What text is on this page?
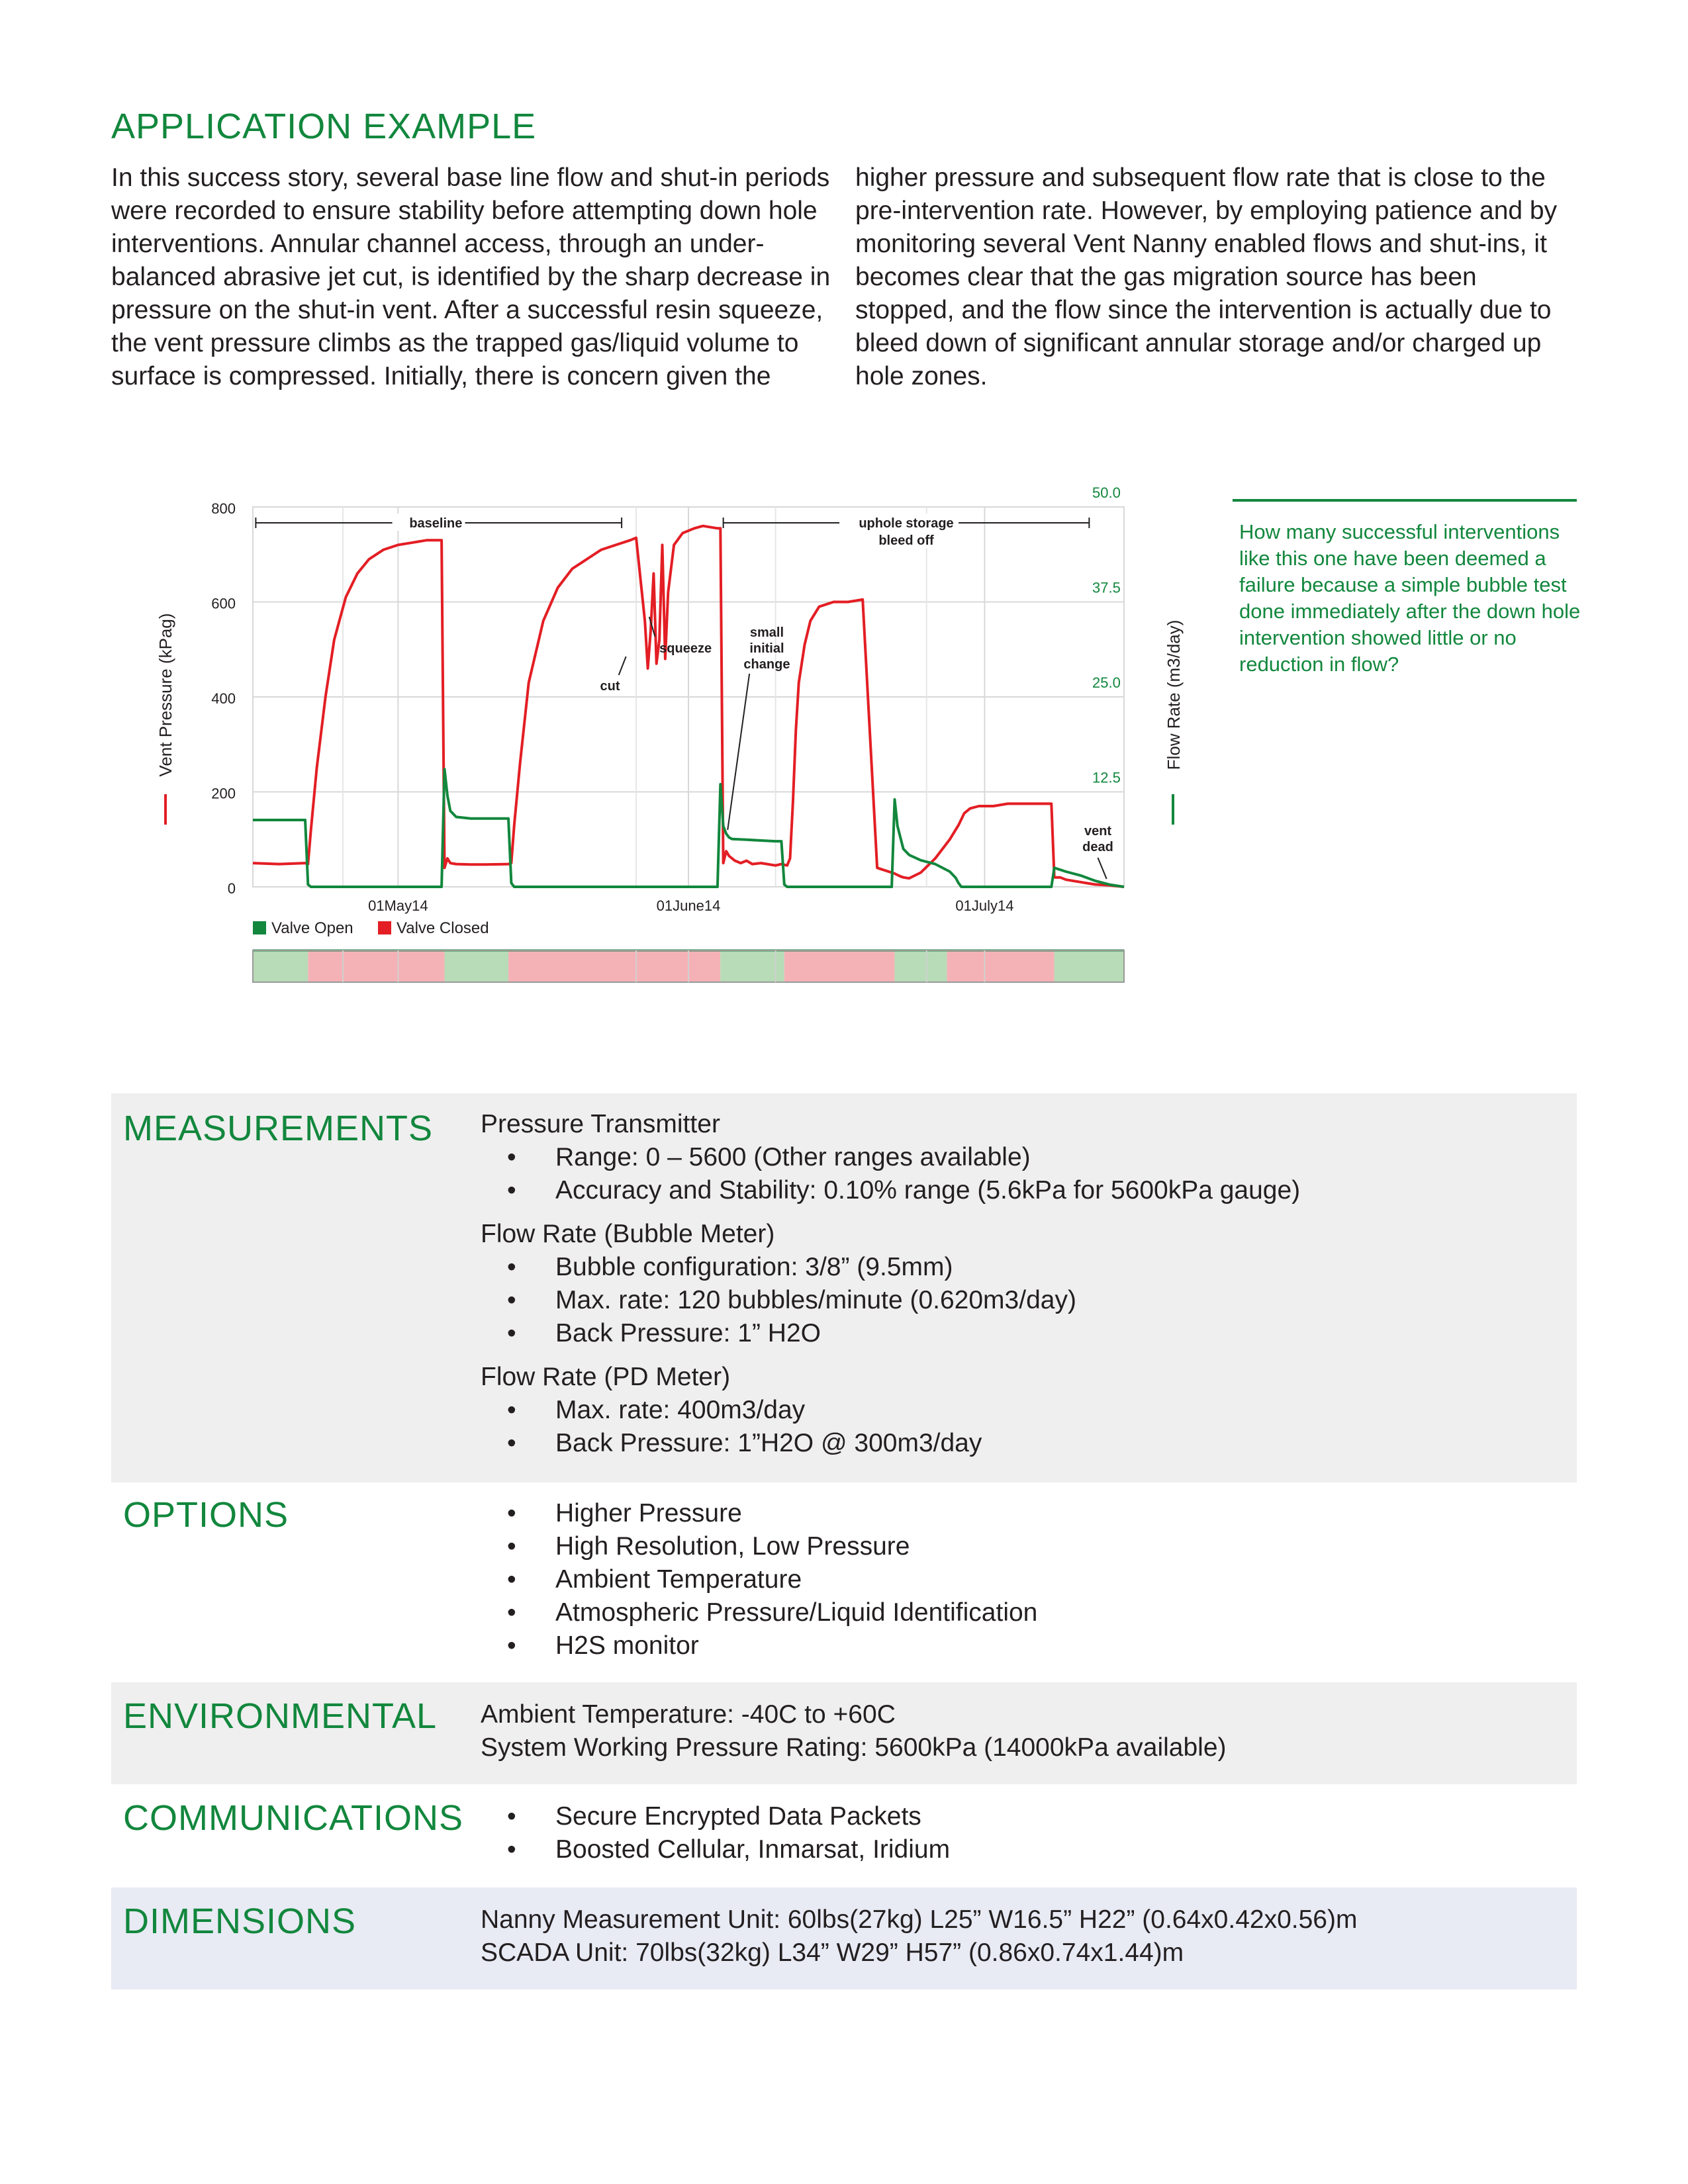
APPLICATION EXAMPLE

In this success story, several base line flow and shut-in periods were recorded to ensure stability before attempting down hole interventions. Annular channel access, through an under-balanced abrasive jet cut, is identified by the sharp decrease in pressure on the shut-in vent. After a successful resin squeeze, the vent pressure climbs as the trapped gas/liquid volume to surface is compressed. Initially, there is concern given the

higher pressure and subsequent flow rate that is close to the pre-intervention rate. However, by employing patience and by monitoring several Vent Nanny enabled flows and shut-ins, it becomes clear that the gas migration source has been stopped, and the flow since the intervention is actually due to bleed down of significant annular storage and/or charged up hole zones.

baseline	uphole storage
bleed off
cut
squeeze
small
initial
change
vent
dead
0
200
400
600
800
01May14	01June14	01July14
12.5
25.0
37.5
50.0
Vent Pressure (kPag)	Flow Rate (m3/day)
Valve Open	Valve Closed
How many successful interventions like this one have been deemed a failure because a simple bubble test done immediately after the down hole intervention showed little or no reduction in flow?
MEASUREMENTS Pressure Transmitter
• Range: 0 – 5600 (Other ranges available)
• Accuracy and Stability: 0.10% range (5.6kPa for 5600kPa gauge)
Flow Rate (Bubble Meter)
• Bubble configuration: 3/8” (9.5mm)
• Max. rate: 120 bubbles/minute (0.620m3/day)
• Back Pressure: 1” H2O
Flow Rate (PD Meter)
• Max. rate: 400m3/day
• Back Pressure: 1”H2O @ 300m3/day
OPTIONS	• Higher Pressure
• High Resolution, Low Pressure
• Ambient Temperature
• Atmospheric Pressure/Liquid Identification
• H2S monitor
ENVIRONMENTAL Ambient Temperature: -40C to +60C
System Working Pressure Rating: 5600kPa (14000kPa available)
COMMUNICATIONS • Secure Encrypted Data Packets
• Boosted Cellular, Inmarsat, Iridium
DIMENSIONS	Nanny Measurement Unit: 60lbs(27kg) L25” W16.5” H22” (0.64x0.42x0.56)m
SCADA Unit: 70lbs(32kg) L34” W29” H57” (0.86x0.74x1.44)m
